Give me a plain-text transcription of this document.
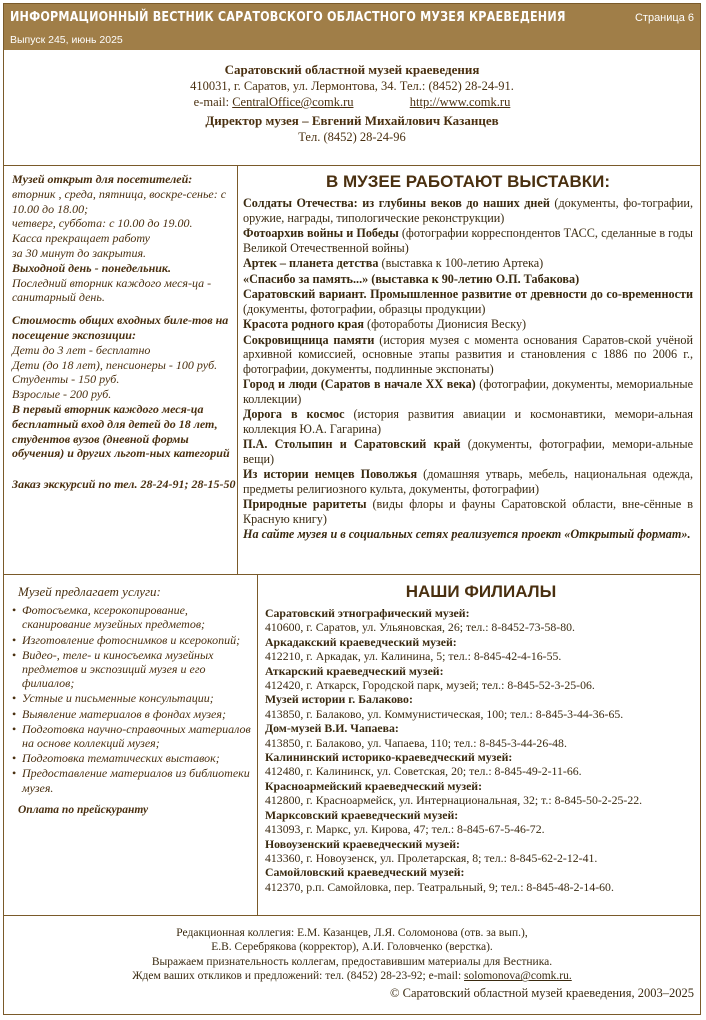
ИНФОРМАЦИОННЫЙ ВЕСТНИК САРАТОВСКОГО ОБЛАСТНОГО МУЗЕЯ КРАЕВЕДЕНИЯ
Выпуск 245, июнь 2025
Страница 6
Саратовский областной музей краеведения
410031, г. Саратов, ул. Лермонтова, 34. Тел.: (8452) 28-24-91.
e-mail: CentralOffice@comk.ru	http://www.comk.ru
Директор музея – Евгений Михайлович Казанцев
Тел. (8452) 28-24-96

Музей открыт для посетителей:

вторник , среда, пятница, воскре-сенье: с 10.00 до 18.00;

четверг, суббота: с 10.00 до 19.00.

Касса прекращает работу

за 30 минут до закрытия.

Выходной день - понедельник.

Последний вторник каждого меся-ца - санитарный день.

Стоимость общих входных биле-тов на посещение экспозиции:

Дети до 3 лет - бесплатно

Дети (до 18 лет), пенсионеры - 100 руб.

Студенты - 150 руб.

Взрослые - 200 руб.

В первый вторник каждого меся-ца бесплатный вход для детей до 18 лет, студентов вузов (дневной формы обучения) и других льгот-ных категорий

Заказ экскурсий по тел. 28-24-91; 28-15-50

В МУЗЕЕ РАБОТАЮТ ВЫСТАВКИ:

Солдаты Отечества: из глубины веков до наших дней (документы, фо-тографии, оружие, награды, типологические реконструкции)

Фотоархив войны и Победы (фотографии корреспондентов ТАСС, сделанные в годы Великой Отечественной войны)

Артек – планета детства (выставка к 100-летию Артека)

«Спасибо за память...» (выставка к 90-летию О.П. Табакова)

Саратовский вариант. Промышленное развитие от древности до со-временности (документы, фотографии, образцы продукции)

Красота родного края (фотоработы Дионисия Веску)

Сокровищница памяти (история музея с момента основания Саратов-ской учёной архивной комиссией, основные этапы развития и становления с 1886 по 2006 г., фотографии, документы, подлинные экспонаты)

Город и люди (Саратов в начале XX века) (фотографии, документы, мемориальные коллекции)

Дорога в космос (история развития авиации и космонавтики, мемори-альная коллекция Ю.А. Гагарина)

П.А. Столыпин и Саратовский край (документы, фотографии, мемори-альные вещи)

Из истории немцев Поволжья (домашняя утварь, мебель, национальная одежда, предметы религиозного культа, документы, фотографии)

Природные раритеты (виды флоры и фауны Саратовской области, вне-сённые в Красную книгу)

На сайте музея и в социальных сетях реализуется проект «Открытый формат».

Музей предлагает услуги:
• Фотосъемка, ксерокопирование, сканирование музейных предметов;
• Изготовление фотоснимков и ксерокопий;
• Видео-, теле- и киносъемка музейных предметов и экспозиций музея и его филиалов;
• Устные и письменные консультации;
• Выявление материалов в фондах музея;
• Подготовка научно-справочных материалов на основе коллекций музея;
• Подготовка тематических выставок;
• Предоставление материалов из библиотеки музея.
Оплата по прейскуранту
НАШИ ФИЛИАЛЫ
Саратовский этнографический музей:
410600, г. Саратов, ул. Ульяновская, 26; тел.: 8-8452-73-58-80.
Аркадакский краеведческий музей:
412210, г. Аркадак, ул. Калинина, 5; тел.: 8-845-42-4-16-55.
Аткарский краеведческий музей:
412420, г. Аткарск, Городской парк, музей; тел.: 8-845-52-3-25-06.
Музей истории г. Балаково:
413850, г. Балаково, ул. Коммунистическая, 100; тел.: 8-845-3-44-36-65.
Дом-музей В.И. Чапаева:
413850, г. Балаково, ул. Чапаева, 110; тел.: 8-845-3-44-26-48.
Калининский историко-краеведческий музей:
412480, г. Калининск, ул. Советская, 20; тел.: 8-845-49-2-11-66.
Красноармейский краеведческий музей:
412800, г. Красноармейск, ул. Интернациональная, 32; т.: 8-845-50-2-25-22.
Марксовский краеведческий музей:
413093, г. Маркс, ул. Кирова, 47; тел.: 8-845-67-5-46-72.
Новоузенский краеведческий музей:
413360, г. Новоузенск, ул. Пролетарская, 8; тел.: 8-845-62-2-12-41.
Самойловский краеведческий музей:
412370, р.п. Самойловка, пер. Театральный, 9; тел.: 8-845-48-2-14-60.
Редакционная коллегия: Е.М. Казанцев, Л.Я. Соломонова (отв. за вып.),
Е.В. Серебрякова (корректор), А.И. Головченко (верстка).
Выражаем признательность коллегам, предоставившим материалы для Вестника.
Ждем ваших откликов и предложений: тел. (8452) 28-23-92; e-mail: solomonova@comk.ru.
© Саратовский областной музей краеведения, 2003–2025
